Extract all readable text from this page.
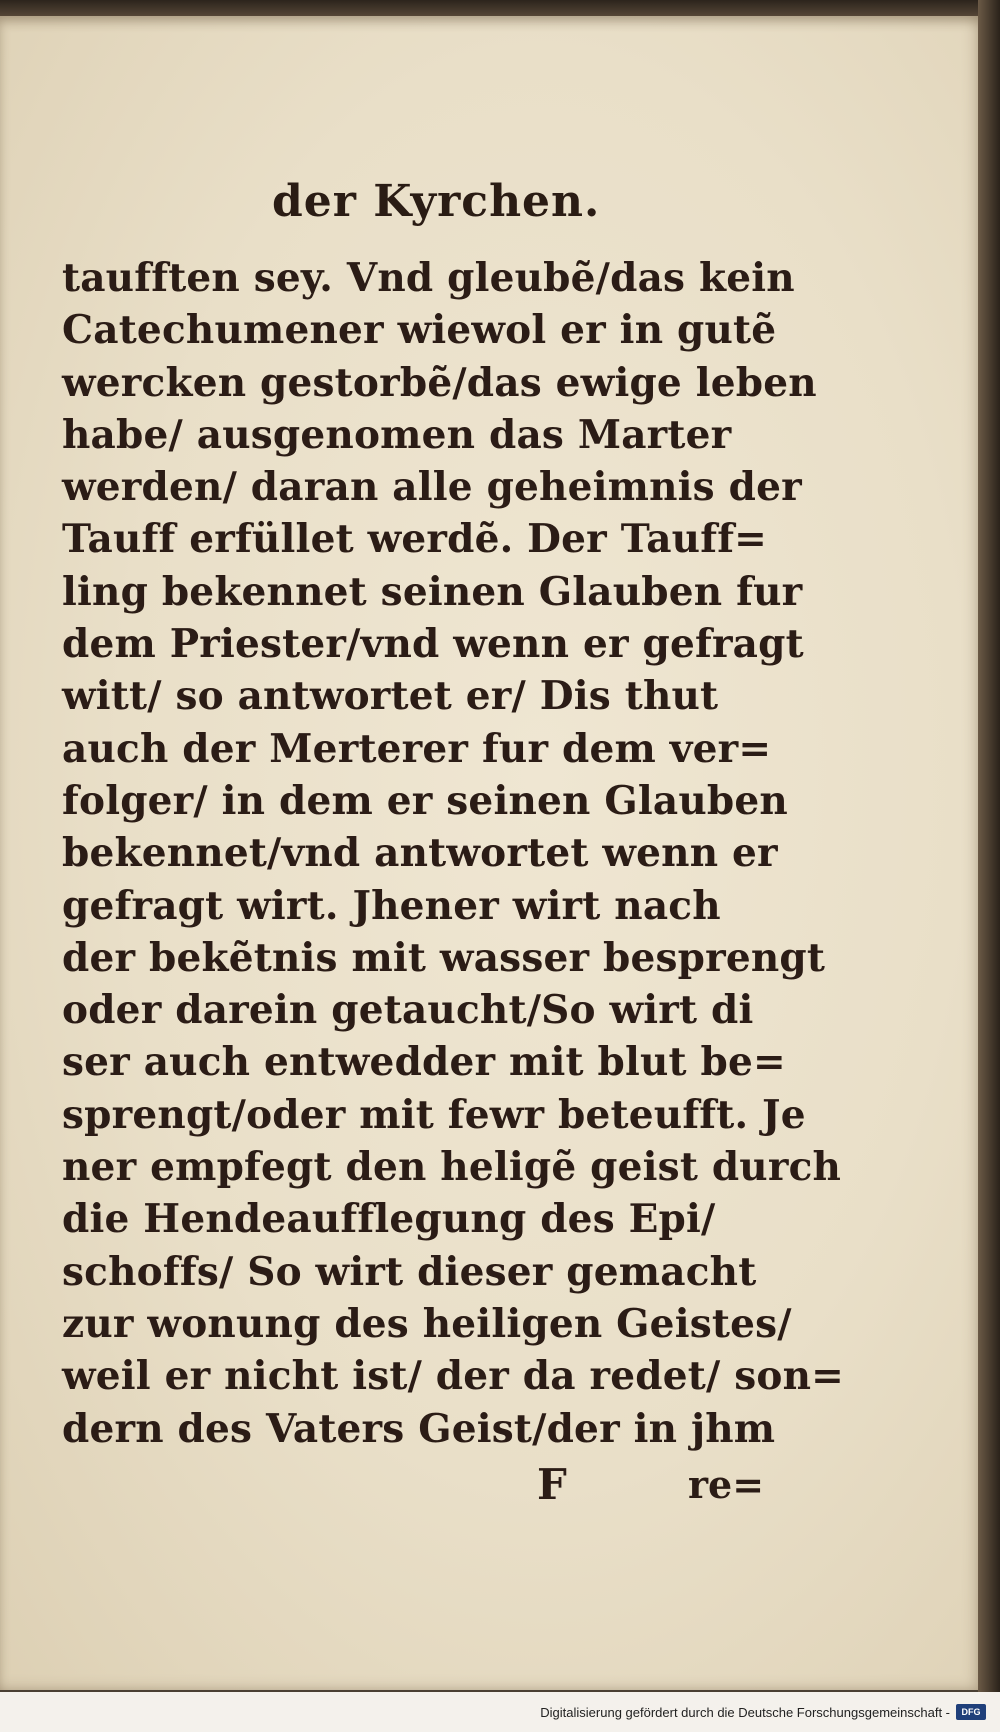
der Kyrchen.
taufften sey. Vnd gleubẽ/das kein
Catechumener wiewol er in gutẽ
wercken gestorbẽ/das ewige leben
habe/ ausgenomen das Marter
werden/ daran alle geheimnis der
Tauff erfüllet werdẽ. Der Tauff=
ling bekennet seinen Glauben fur
dem Priester/vnd wenn er gefragt
witt/ so antwortet er/ Dis thut
auch der Merterer fur dem ver=
folger/ in dem er seinen Glauben
bekennet/vnd antwortet wenn er
gefragt wirt. Jhener wirt nach
der bekẽtnis mit wasser besprengt
oder darein getaucht/So wirt di
ser auch entwedder mit blut be=
sprengt/oder mit fewr beteufft. Je
ner empfegt den heligẽ geist durch
die Hendeaufflegung des Epi/
schoffs/ So wirt dieser gemacht
zur wonung des heiligen Geistes/
weil er nicht ist/ der da redet/ son=
dern des Vaters Geist/der in jhm
F	re=
Digitalisierung gefördert durch die Deutsche Forschungsgemeinschaft -	DFG
